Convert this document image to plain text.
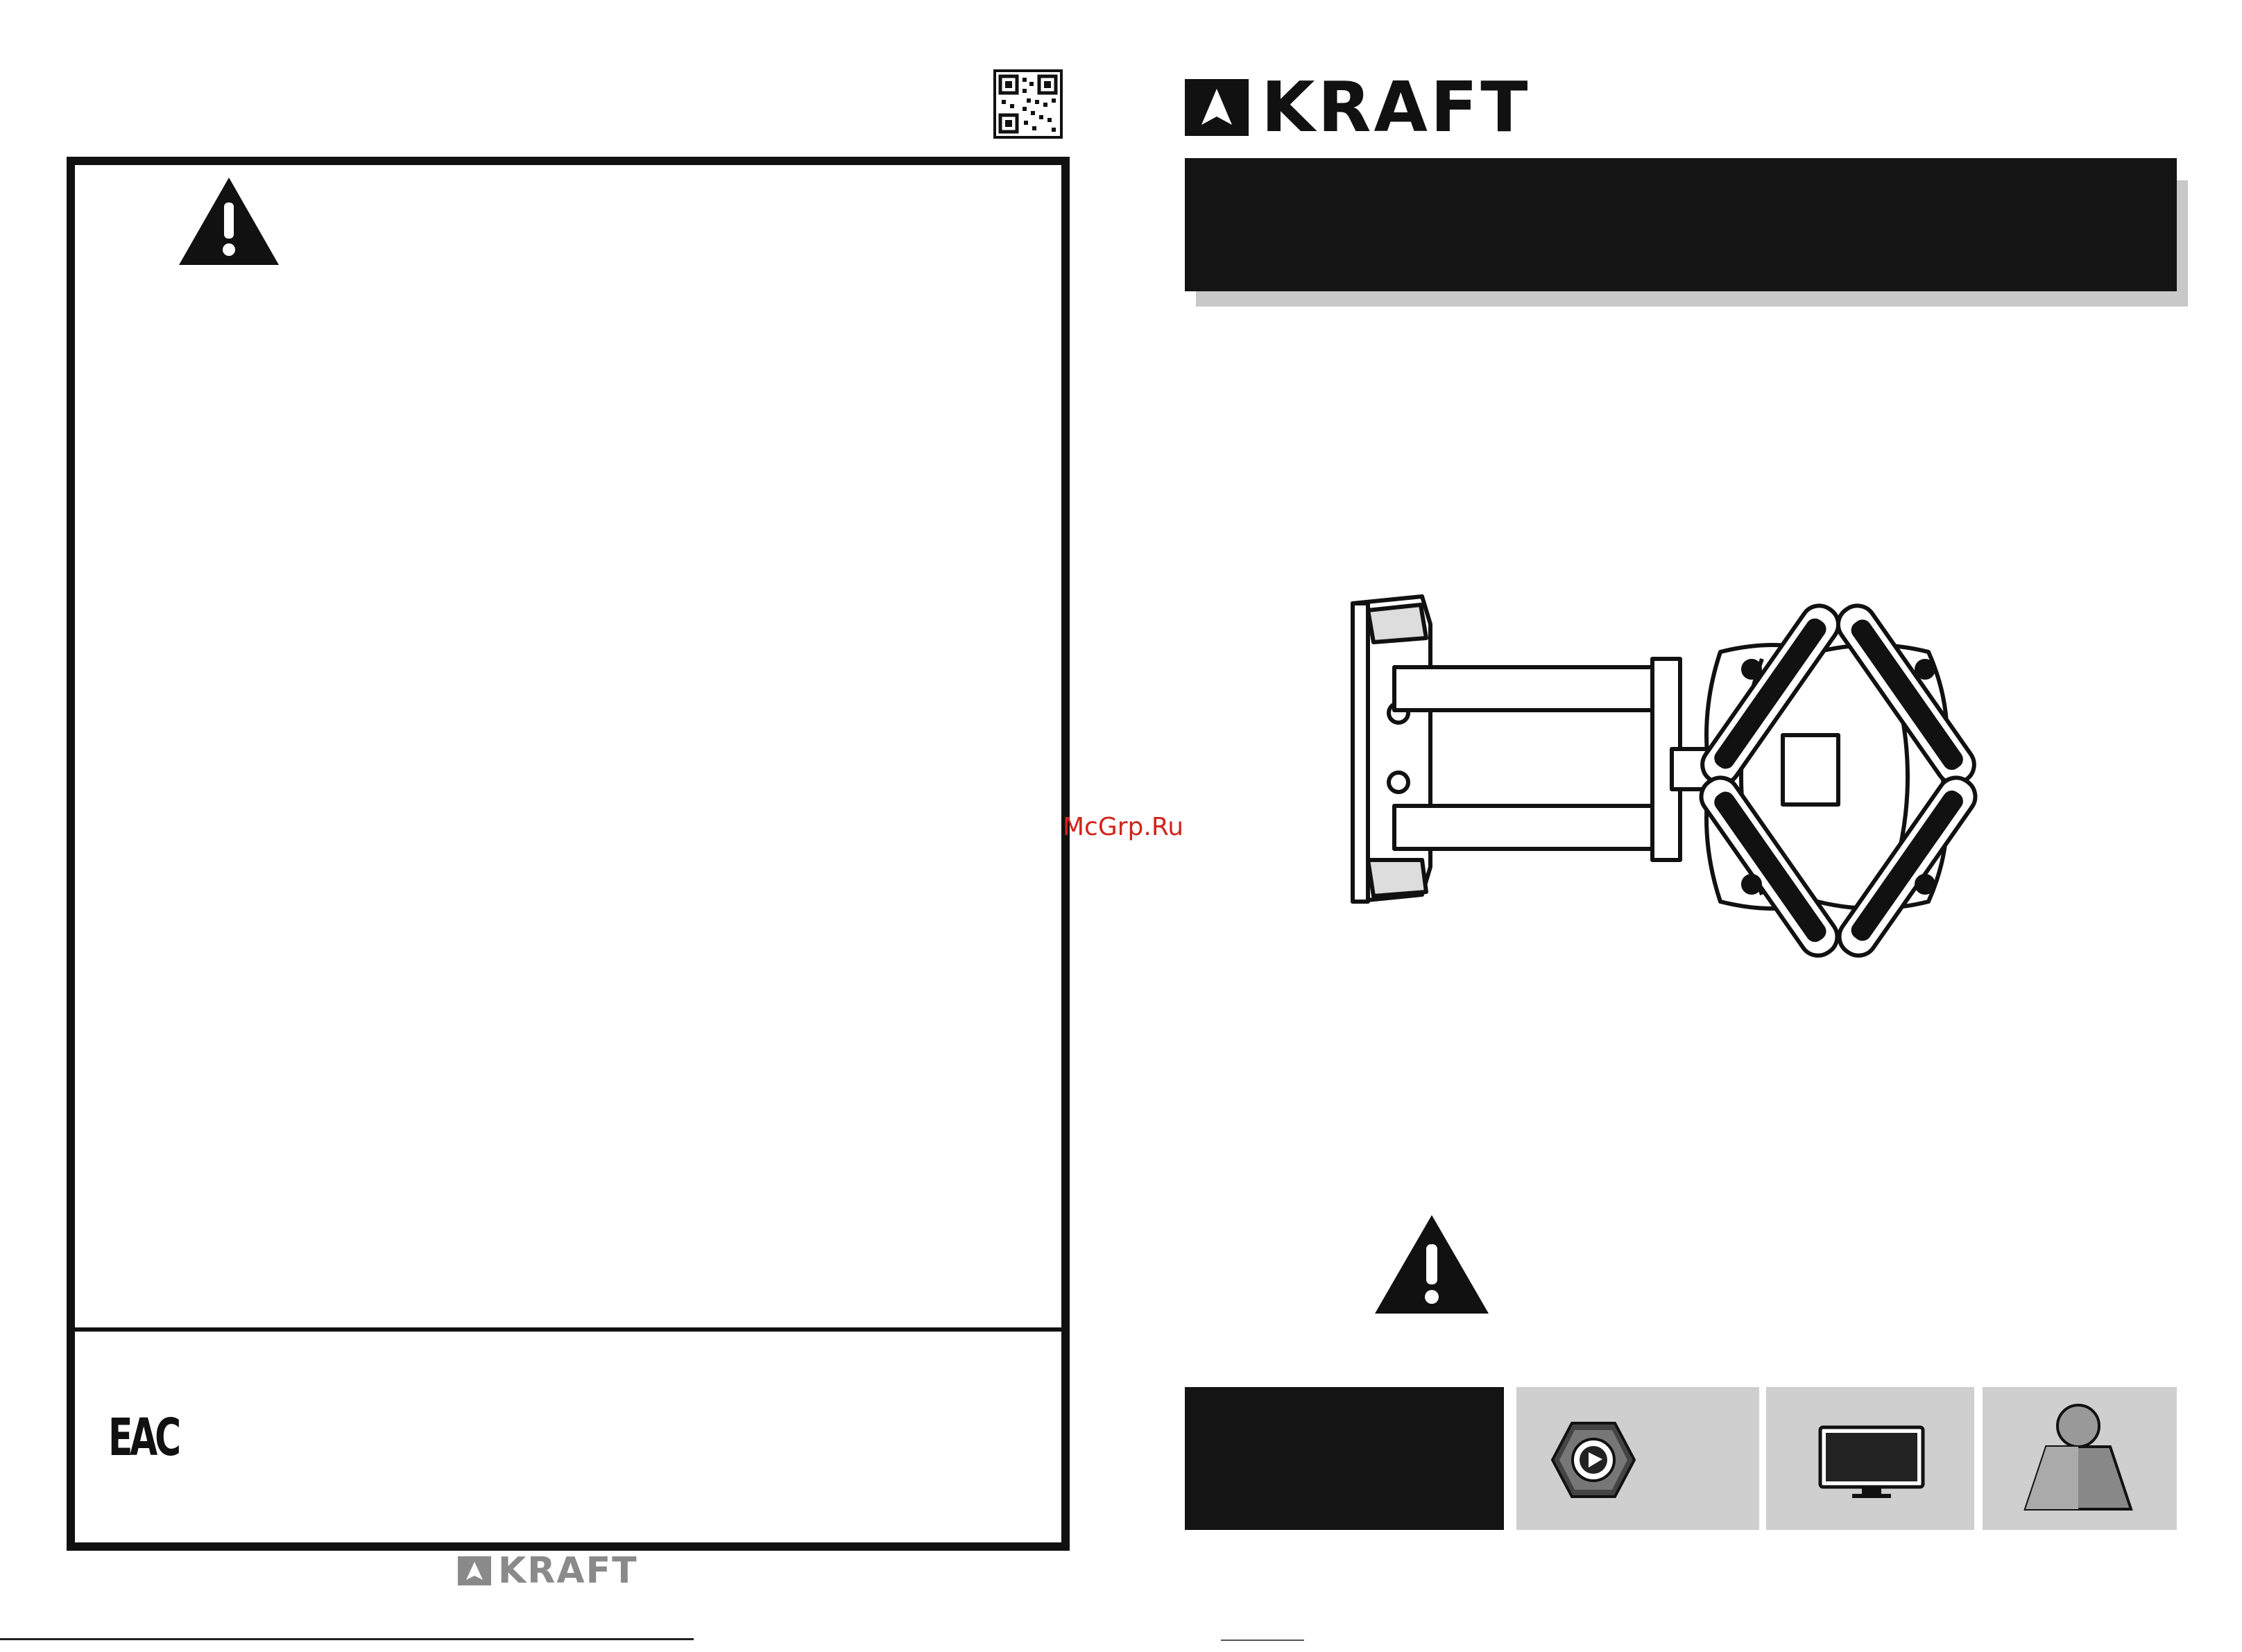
EAC
KRAFT
KRAFT
McGrp.Ru
